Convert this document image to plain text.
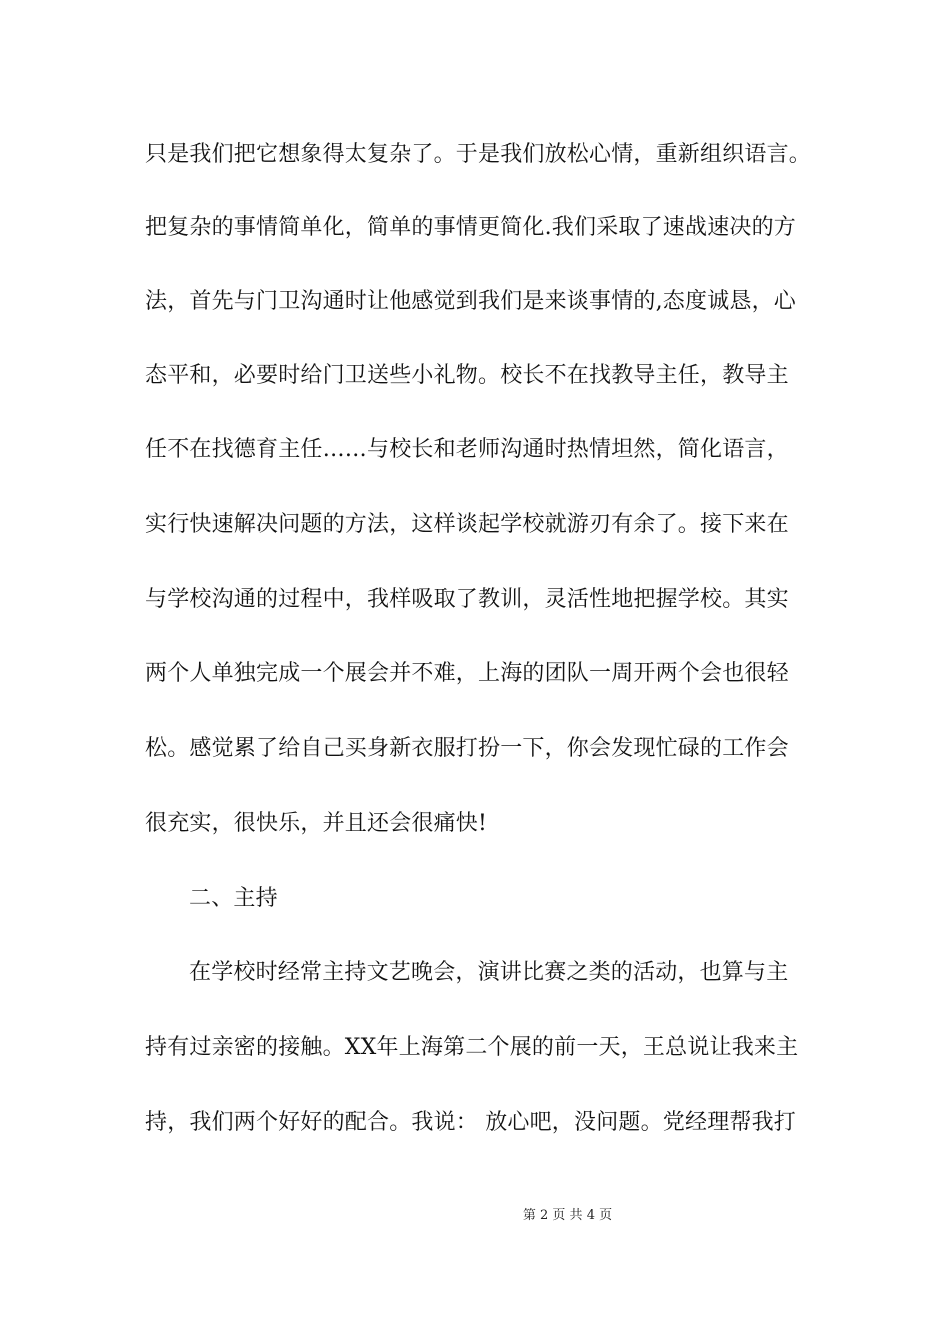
只是我们把它想象得太复杂了。于是我们放松心情，重新组织语言。
把复杂的事情简单化，简单的事情更简化.我们采取了速战速决的方
法，首先与门卫沟通时让他感觉到我们是来谈事情的,态度诚恳，心
态平和，必要时给门卫送些小礼物。校长不在找教导主任，教导主
任不在找德育主任……与校长和老师沟通时热情坦然，简化语言，
实行快速解决问题的方法，这样谈起学校就游刃有余了。接下来在
与学校沟通的过程中，我样吸取了教训，灵活性地把握学校。其实
两个人单独完成一个展会并不难，上海的团队一周开两个会也很轻
松。感觉累了给自己买身新衣服打扮一下，你会发现忙碌的工作会
很充实，很快乐，并且还会很痛快!
二、主持
在学校时经常主持文艺晚会，演讲比赛之类的活动，也算与主
持有过亲密的接触。XX年上海第二个展的前一天，王总说让我来主
持，我们两个好好的配合。我说： 放心吧，没问题。党经理帮我打
第 2 页 共 4 页
